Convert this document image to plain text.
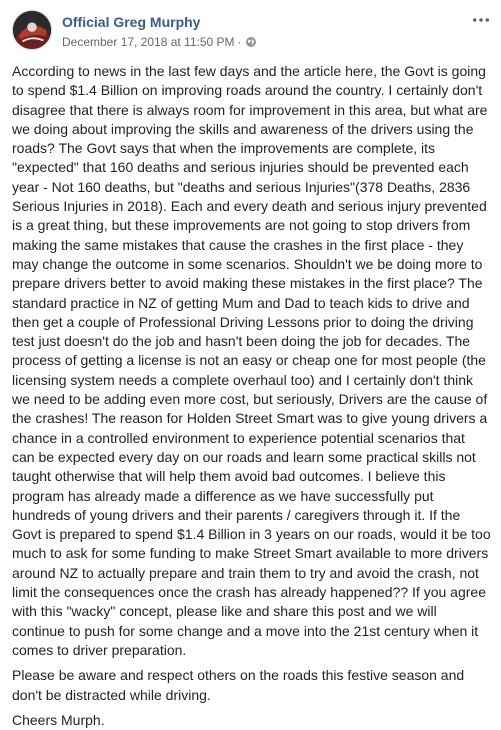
Official Greg Murphy
December 17, 2018 at 11:50 PM ·

According to news in the last few days and the article here, the Govt is going to spend $1.4 Billion on improving roads around the country. I certainly don't disagree that there is always room for improvement in this area, but what are we doing about improving the skills and awareness of the drivers using the roads? The Govt says that when the improvements are complete, its "expected" that 160 deaths and serious injuries should be prevented each year - Not 160 deaths, but "deaths and serious Injuries"(378 Deaths, 2836 Serious Injuries in 2018). Each and every death and serious injury prevented is a great thing, but these improvements are not going to stop drivers from making the same mistakes that cause the crashes in the first place - they may change the outcome in some scenarios. Shouldn't we be doing more to prepare drivers better to avoid making these mistakes in the first place? The standard practice in NZ of getting Mum and Dad to teach kids to drive and then get a couple of Professional Driving Lessons prior to doing the driving test just doesn't do the job and hasn't been doing the job for decades. The process of getting a license is not an easy or cheap one for most people (the licensing system needs a complete overhaul too) and I certainly don't think we need to be adding even more cost, but seriously, Drivers are the cause of the crashes! The reason for Holden Street Smart was to give young drivers a chance in a controlled environment to experience potential scenarios that can be expected every day on our roads and learn some practical skills not taught otherwise that will help them avoid bad outcomes. I believe this program has already made a difference as we have successfully put hundreds of young drivers and their parents / caregivers through it. If the Govt is prepared to spend $1.4 Billion in 3 years on our roads, would it be too much to ask for some funding to make Street Smart available to more drivers around NZ to actually prepare and train them to try and avoid the crash, not limit the consequences once the crash has already happened?? If you agree with this "wacky" concept, please like and share this post and we will continue to push for some change and a move into the 21st century when it comes to driver preparation.

Please be aware and respect others on the roads this festive season and don't be distracted while driving.

Cheers Murph.
